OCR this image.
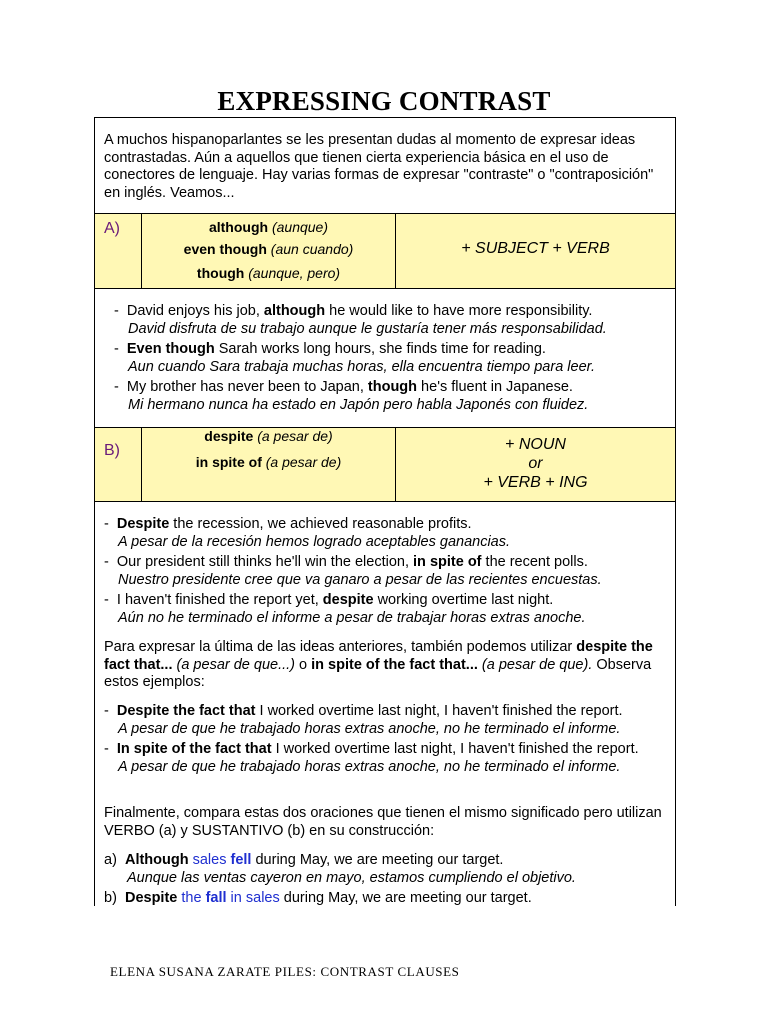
EXPRESSING CONTRAST
A muchos hispanoparlantes se les presentan dudas al momento de expresar ideas contrastadas. Aún a aquellos que tienen cierta experiencia básica en el uso de conectores de lenguaje. Hay varias formas de expresar "contraste" o "contraposición" en inglés. Veamos...
A)	although (aunque)
even though (aun cuando)
though (aunque, pero)
+ SUBJECT + VERB
-  David enjoys his job, although he would like to have more responsibility.
David disfruta de su trabajo aunque le gustaría tener más responsabilidad.
-  Even though Sarah works long hours, she finds time for reading.
Aun cuando Sara trabaja muchas horas, ella encuentra tiempo para leer.
-  My brother has never been to Japan, though he's fluent in Japanese.
Mi hermano nunca ha estado en Japón pero habla Japonés con fluidez.
B)
despite (a pesar de)
in spite of (a pesar de)
+ NOUN
or
+ VERB + ING
-  Despite the recession, we achieved reasonable profits.
A pesar de la recesión hemos logrado aceptables ganancias.
-  Our president still thinks he'll win the election, in spite of the recent polls.
Nuestro presidente cree que va ganaro a pesar de las recientes encuestas.
-  I haven't finished the report yet, despite working overtime last night.
Aún no he terminado el informe a pesar de trabajar horas extras anoche.
Para expresar la última de las ideas anteriores, también podemos utilizar despite the fact that... (a pesar de que...) o in spite of the fact that... (a pesar de que). Observa estos ejemplos:
-  Despite the fact that I worked overtime last night, I haven't finished the report.
A pesar de que he trabajado horas extras anoche, no he terminado el informe.
-  In spite of the fact that I worked overtime last night, I haven't finished the report.
A pesar de que he trabajado horas extras anoche, no he terminado el informe.
Finalmente, compara estas dos oraciones que tienen el mismo significado pero utilizan VERBO (a) y SUSTANTIVO (b) en su construcción:
a) Although sales fell during May, we are meeting our target.
Aunque las ventas cayeron en mayo, estamos cumpliendo el objetivo.
b) Despite the fall in sales during May, we are meeting our target.
ELENA SUSANA ZARATE PILES: CONTRAST CLAUSES
